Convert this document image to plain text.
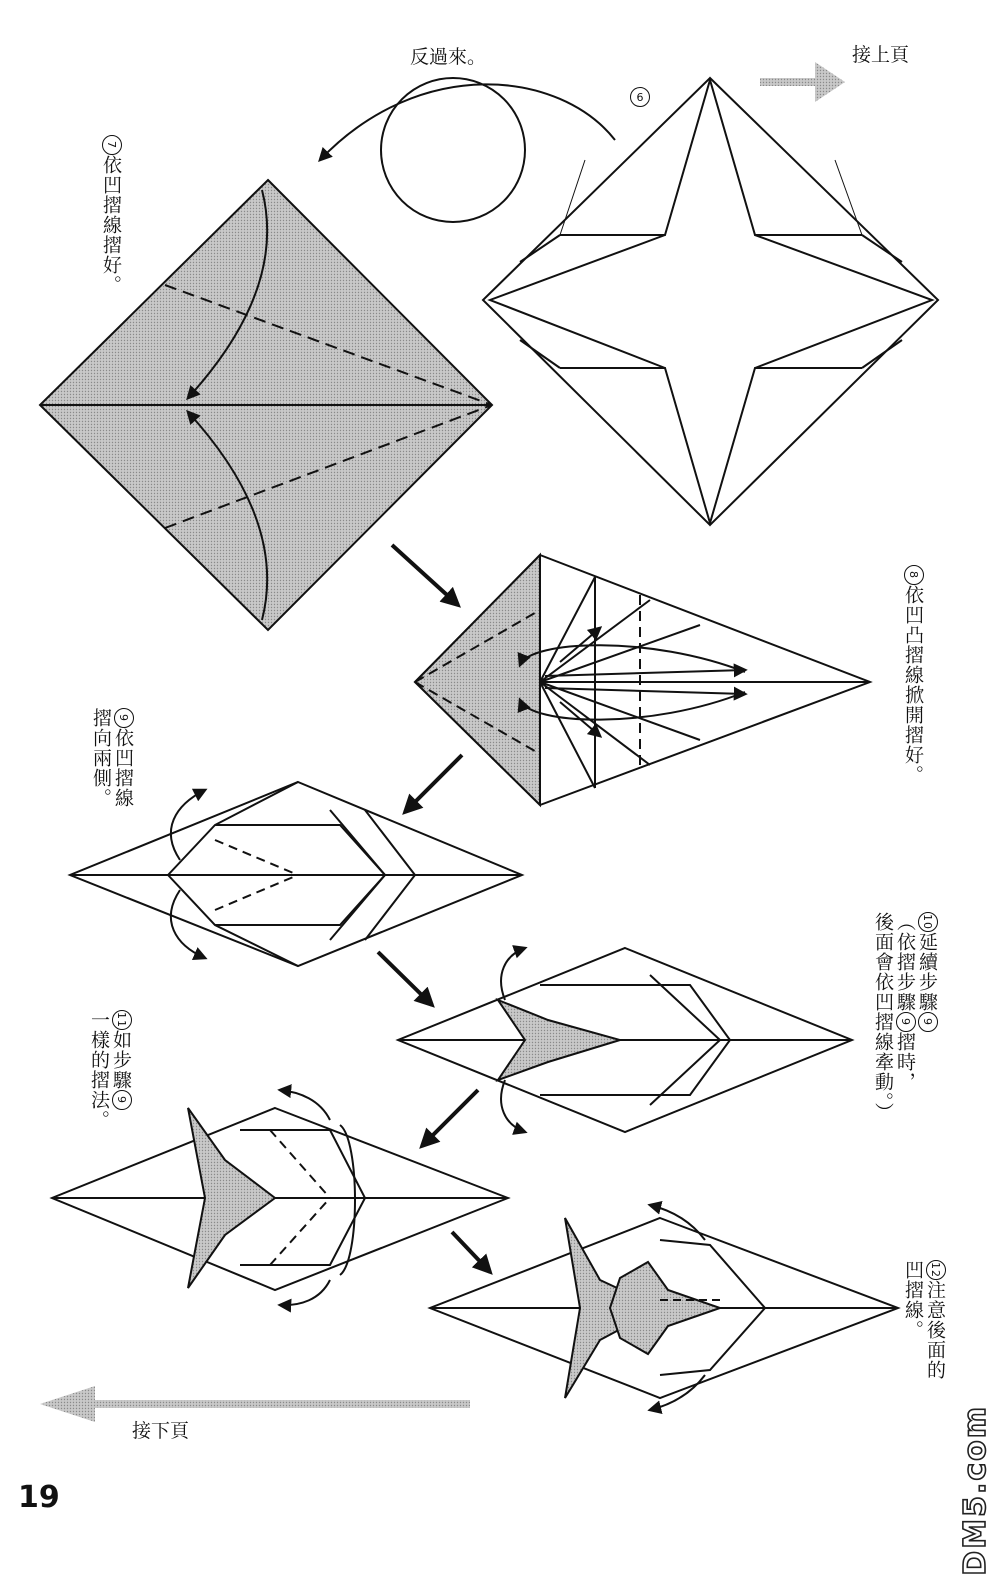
接上頁
接下頁
反過來。
6
7依凹摺線摺好。
8依凹凸摺線掀開摺好。
9依凹摺線
摺向兩側。
10延續步驟9
（依摺步驟9摺時，
後面會依凹摺線牽動。）
11如步驟9
一樣的摺法。
12注意後面的
凹摺線。
19	DM5.com
